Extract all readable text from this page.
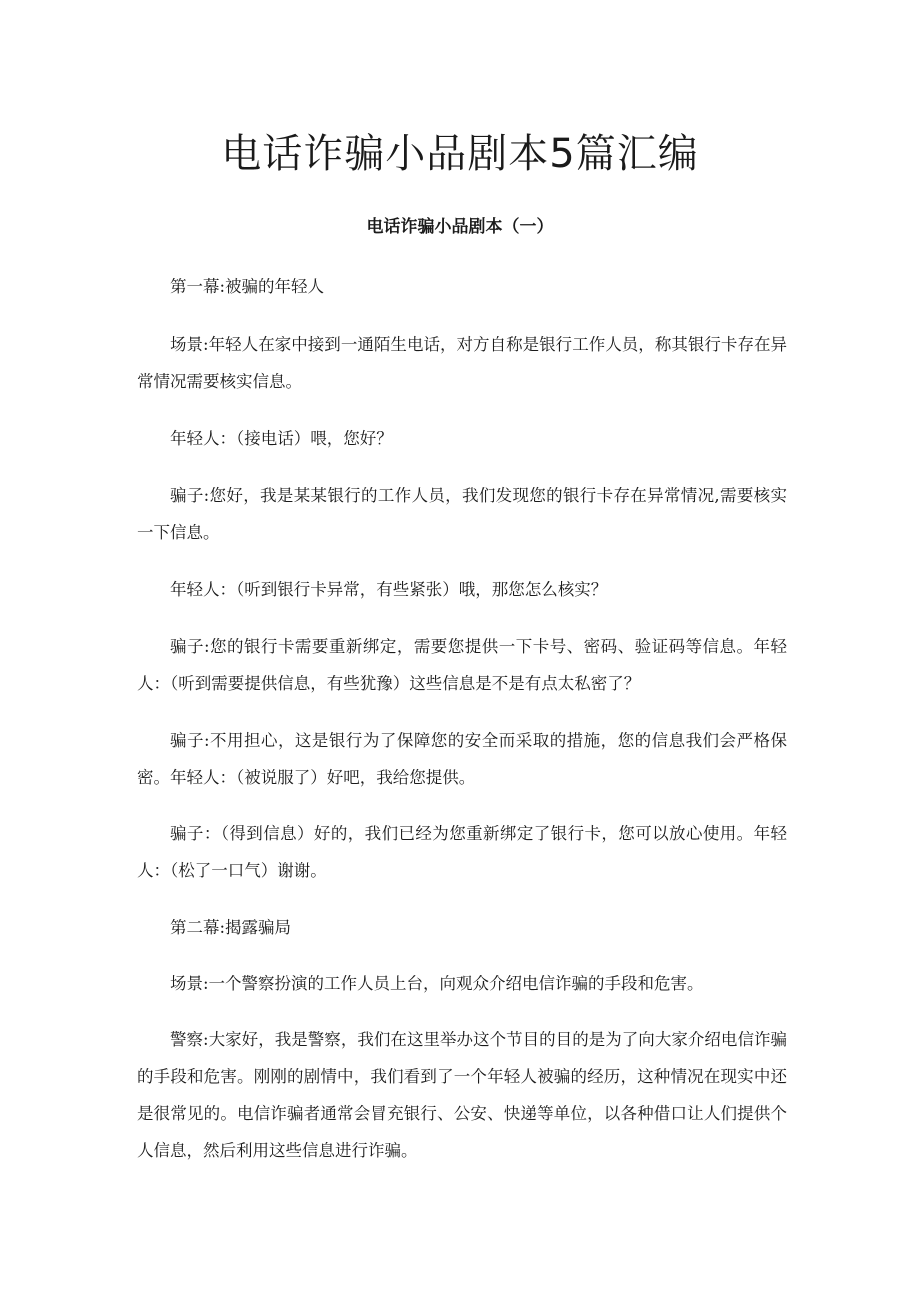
电话诈骗小品剧本5篇汇编
电话诈骗小品剧本（一）

第一幕:被骗的年轻人

场景:年轻人在家中接到一通陌生电话，对方自称是银行工作人员，称其银行卡存在异常情况需要核实信息。

年轻人：（接电话）喂，您好？

骗子:您好，我是某某银行的工作人员，我们发现您的银行卡存在异常情况,需要核实一下信息。

年轻人：（听到银行卡异常，有些紧张）哦，那您怎么核实？

骗子:您的银行卡需要重新绑定，需要您提供一下卡号、密码、验证码等信息。年轻人：（听到需要提供信息，有些犹豫）这些信息是不是有点太私密了？

骗子:不用担心，这是银行为了保障您的安全而采取的措施，您的信息我们会严格保密。年轻人：（被说服了）好吧，我给您提供。

骗子：（得到信息）好的，我们已经为您重新绑定了银行卡，您可以放心使用。年轻人：（松了一口气）谢谢。

第二幕:揭露骗局

场景:一个警察扮演的工作人员上台，向观众介绍电信诈骗的手段和危害。

警察:大家好，我是警察，我们在这里举办这个节目的目的是为了向大家介绍电信诈骗的手段和危害。刚刚的剧情中，我们看到了一个年轻人被骗的经历，这种情况在现实中还是很常见的。电信诈骗者通常会冒充银行、公安、快递等单位，以各种借口让人们提供个人信息，然后利用这些信息进行诈骗。
